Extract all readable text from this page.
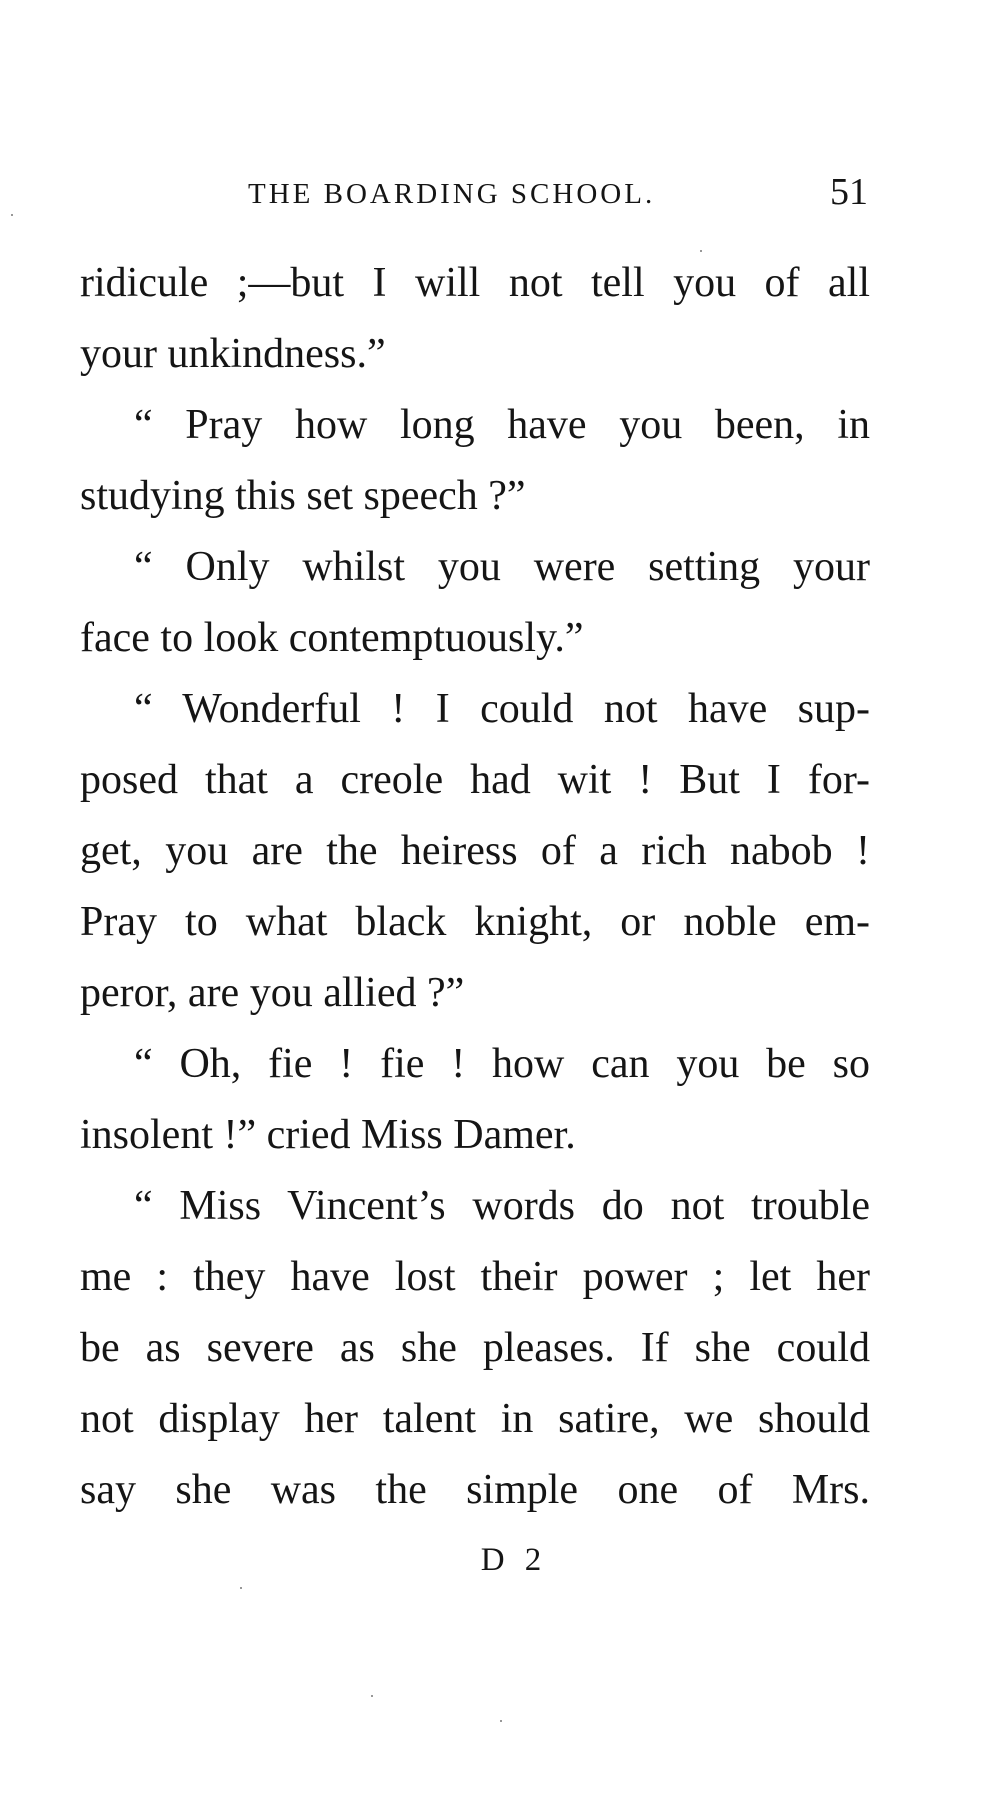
THE BOARDING SCHOOL.	51
ridicule ;—but I will not tell you of all
your unkindness.”
“ Pray how long have you been, in
studying this set speech ?”
“ Only whilst you were setting your
face to look contemptuously.”
“ Wonderful ! I could not have sup-
posed that a creole had wit ! But I for-
get, you are the heiress of a rich nabob !
Pray to what black knight, or noble em-
peror, are you allied ?”
“ Oh, fie ! fie ! how can you be so
insolent !” cried Miss Damer.
“ Miss Vincent’s words do not trouble
me : they have lost their power ; let her
be as severe as she pleases. If she could
not display her talent in satire, we should
say she was the simple one of Mrs.
D 2
